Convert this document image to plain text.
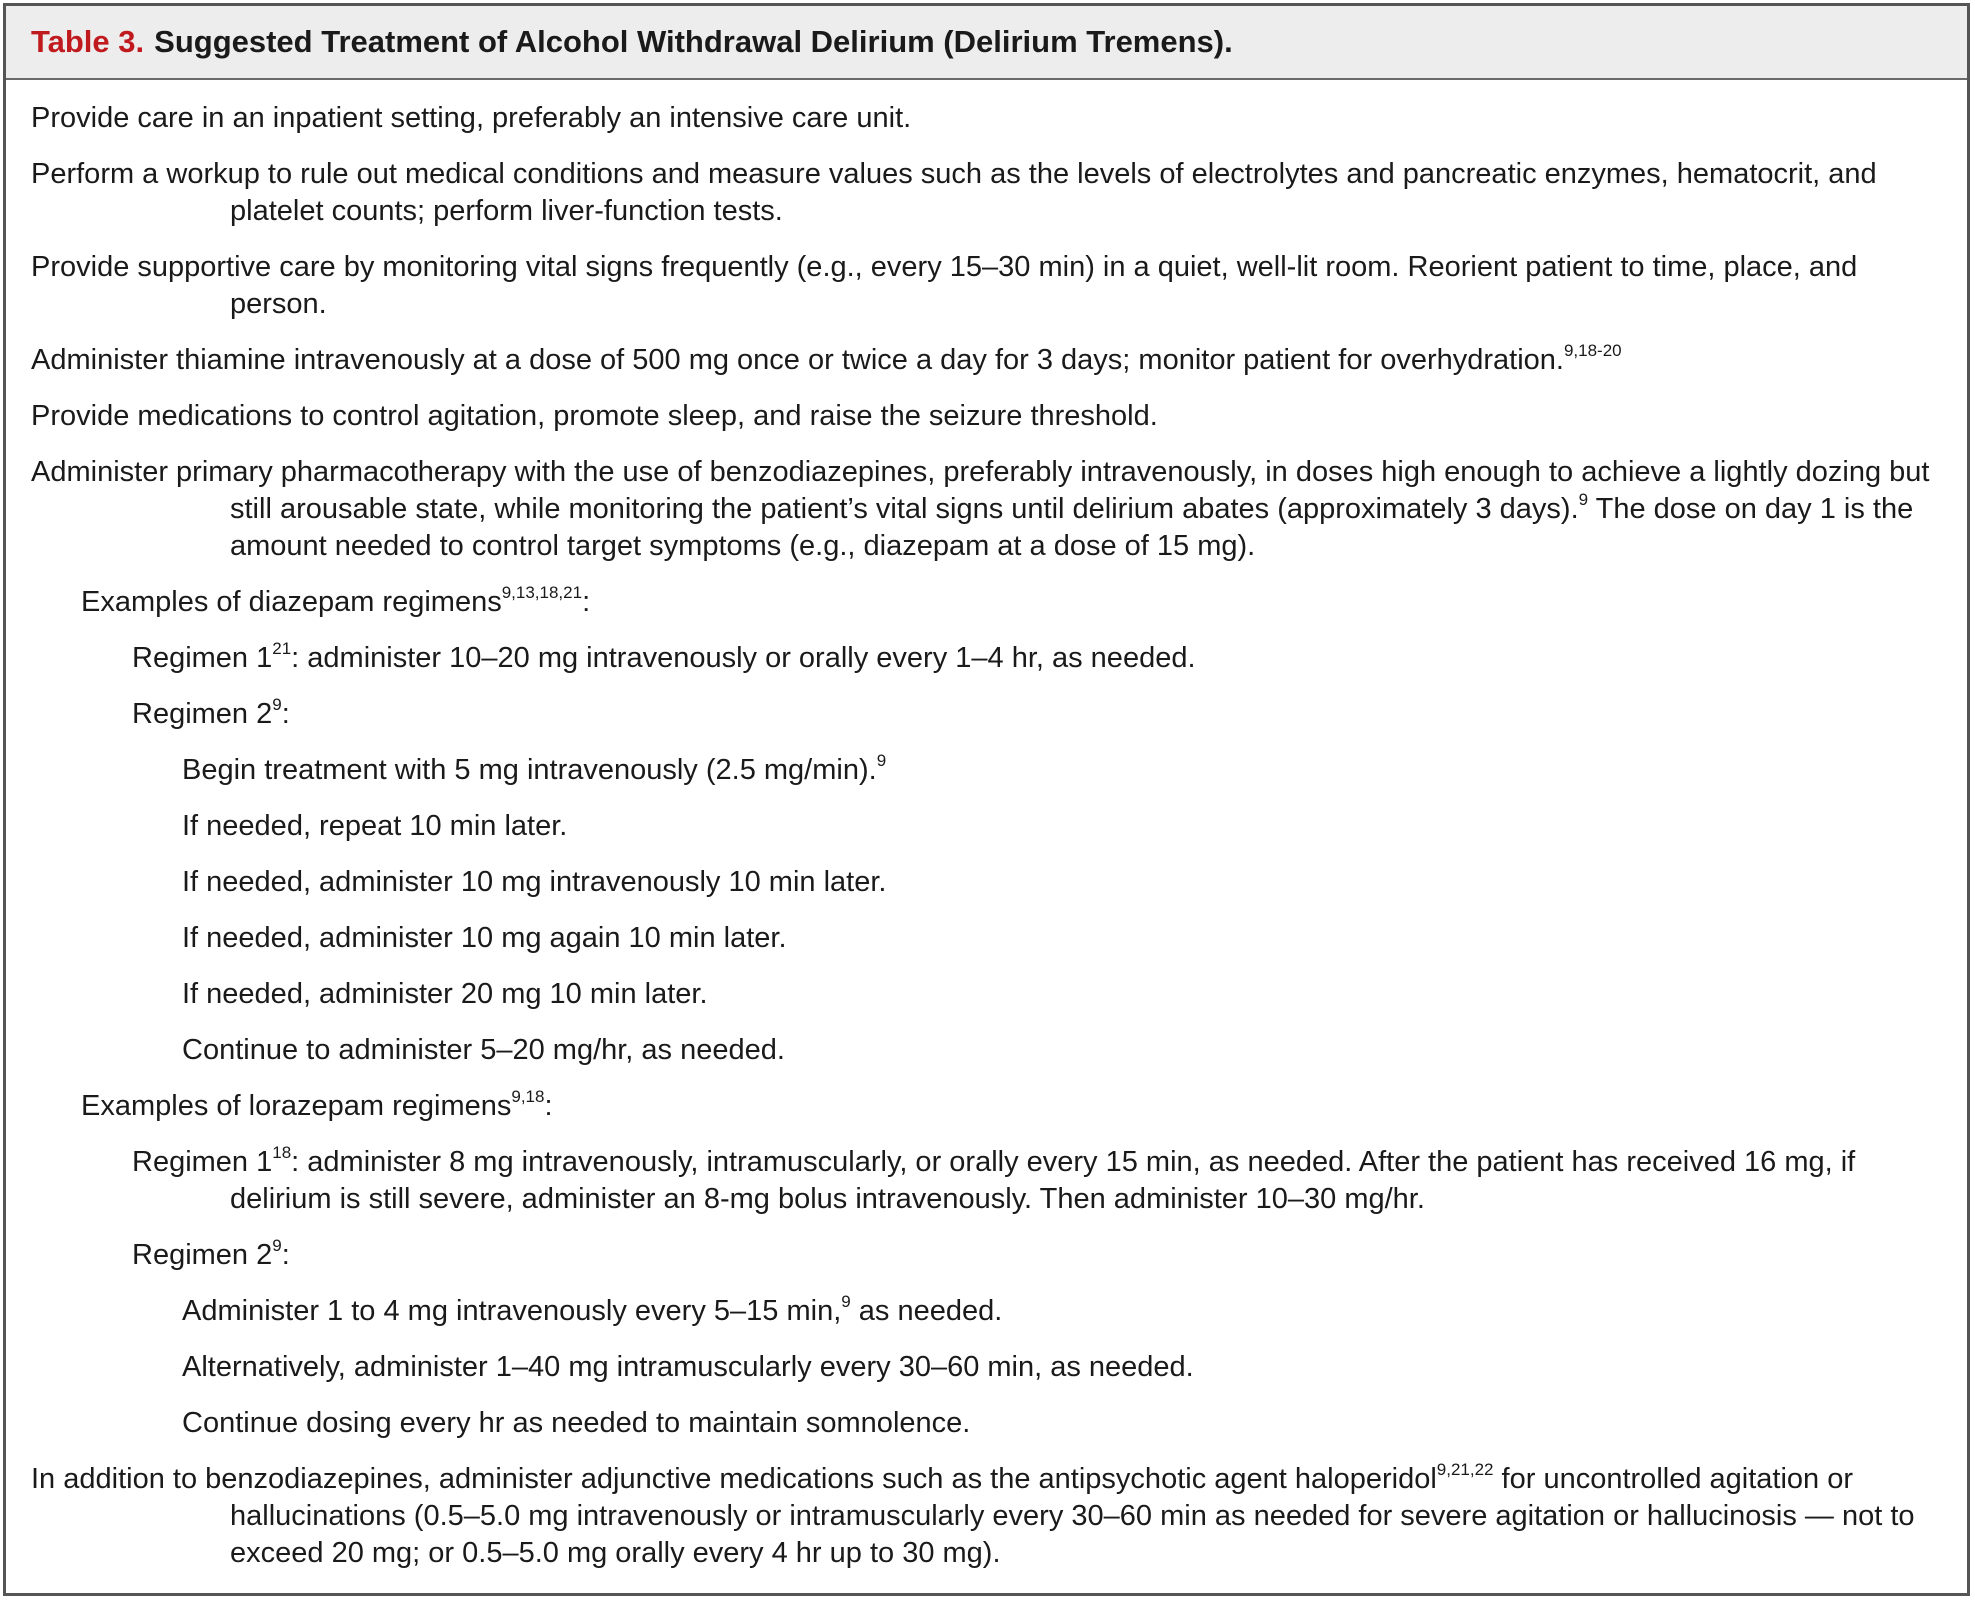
Table 3. Suggested Treatment of Alcohol Withdrawal Delirium (Delirium Tremens).
Provide care in an inpatient setting, preferably an intensive care unit.
Perform a workup to rule out medical conditions and measure values such as the levels of electrolytes and pancreatic enzymes, hematocrit, and platelet counts; perform liver-function tests.
Provide supportive care by monitoring vital signs frequently (e.g., every 15–30 min) in a quiet, well-lit room. Reorient patient to time, place, and person.
Administer thiamine intravenously at a dose of 500 mg once or twice a day for 3 days; monitor patient for overhydration.$^{9,18-20}$
Provide medications to control agitation, promote sleep, and raise the seizure threshold.
Administer primary pharmacotherapy with the use of benzodiazepines, preferably intravenously, in doses high enough to achieve a lightly dozing but still arousable state, while monitoring the patient’s vital signs until delirium abates (approximately 3 days).$^9$ The dose on day 1 is the amount needed to control target symptoms (e.g., diazepam at a dose of 15 mg).
Examples of diazepam regimens$^{9,13,18,21}$:
Regimen $1^{21}$: administer 10–20 mg intravenously or orally every 1–4 hr, as needed.
Regimen $2^9$:
Begin treatment with 5 mg intravenously (2.5 mg/min).$^9$
If needed, repeat 10 min later.
If needed, administer 10 mg intravenously 10 min later.
If needed, administer 10 mg again 10 min later.
If needed, administer 20 mg 10 min later.
Continue to administer 5–20 mg/hr, as needed.
Examples of lorazepam regimens$^{9,18}$:
Regimen $1^{18}$: administer 8 mg intravenously, intramuscularly, or orally every 15 min, as needed. After the patient has received 16 mg, if delirium is still severe, administer an 8-mg bolus intravenously. Then administer 10–30 mg/hr.
Regimen $2^9$:
Administer 1 to 4 mg intravenously every 5–15 min,$^9$ as needed.
Alternatively, administer 1–40 mg intramuscularly every 30–60 min, as needed.
Continue dosing every hr as needed to maintain somnolence.
In addition to benzodiazepines, administer adjunctive medications such as the antipsychotic agent haloperidol$^{9,21,22}$ for uncontrolled agitation or hallucinations (0.5–5.0 mg intravenously or intramuscularly every 30–60 min as needed for severe agitation or hallucinosis — not to exceed 20 mg; or 0.5–5.0 mg orally every 4 hr up to 30 mg).
